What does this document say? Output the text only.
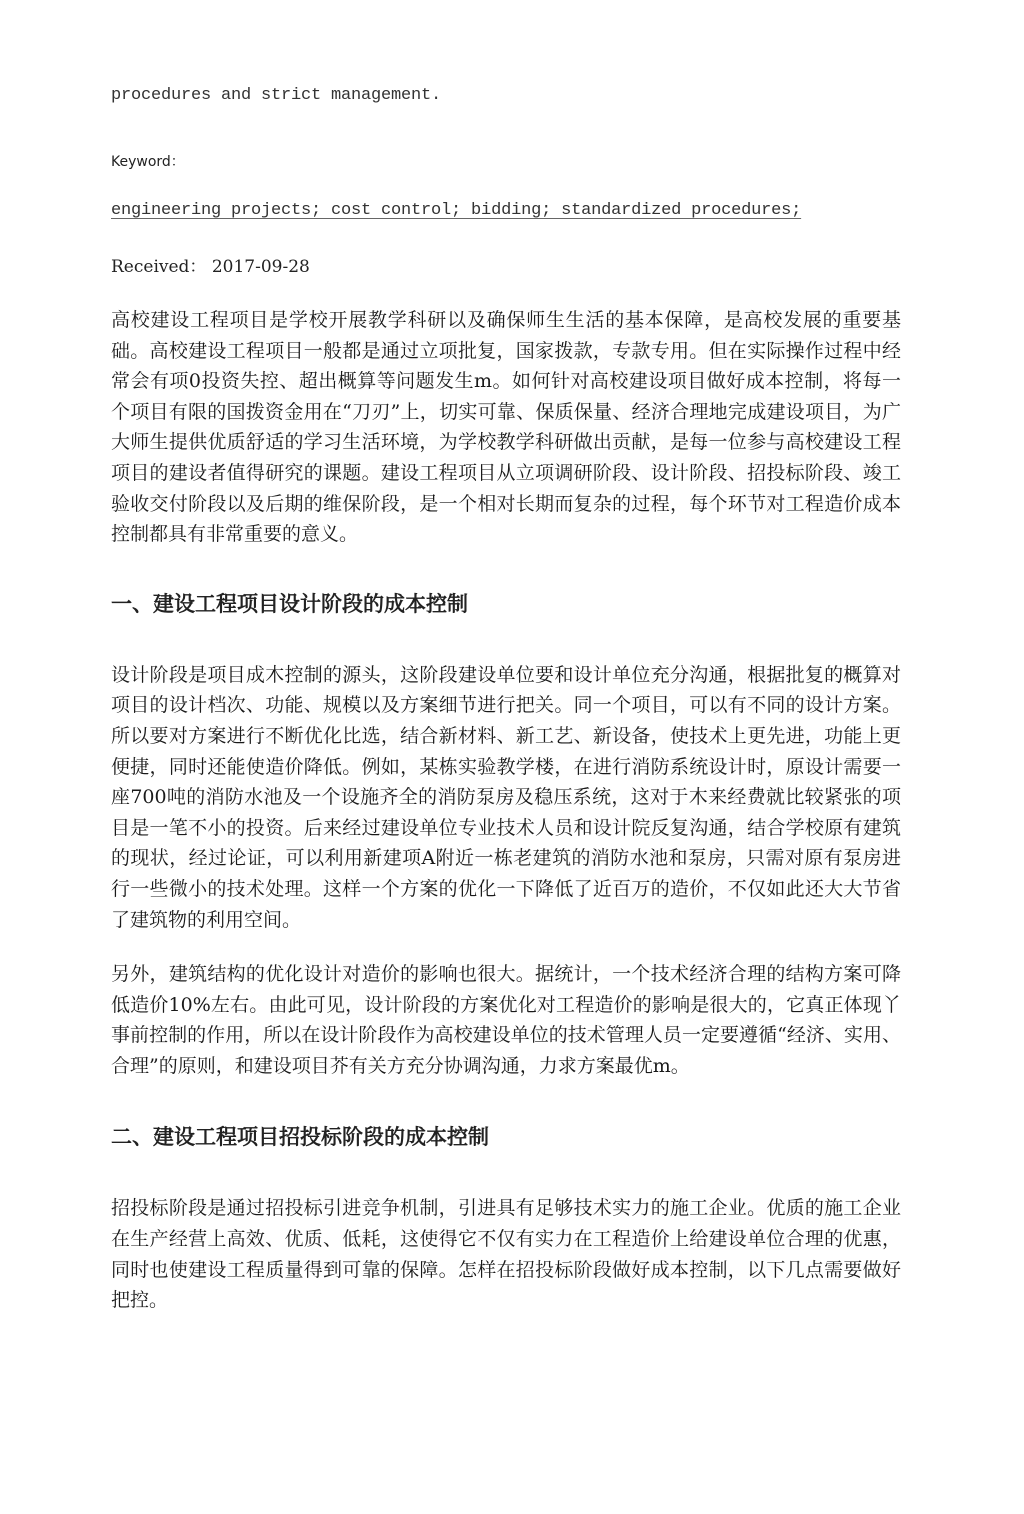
procedures and strict management.
Keyword：
engineering projects; cost control; bidding; standardized procedures;
Received： 2017-09-28

高校建设工程项目是学校开展教学科研以及确保师生生活的基本保障，是高校发展的重要基础。高校建设工程项目一般都是通过立项批复，国家拨款，专款专用。但在实际操作过程中经常会有项0投资失控、超出概算等问题发生m。如何针对高校建设项目做好成本控制，将每一个项目有限的国拨资金用在“刀刃”上，切实可靠、保质保量、经济合理地完成建设项目，为广大师生提供优质舒适的学习生活环境，为学校教学科研做出贡献，是每一位参与高校建设工程项目的建设者值得研究的课题。建设工程项目从立项调研阶段、设计阶段、招投标阶段、竣工验收交付阶段以及后期的维保阶段，是一个相对长期而复杂的过程，每个环节对工程造价成本控制都具有非常重要的意义。

一、建设工程项目设计阶段的成本控制

设计阶段是项目成木控制的源头，这阶段建设单位要和设计单位充分沟通，根据批复的概算对项目的设计档次、功能、规模以及方案细节进行把关。同一个项目，可以有不同的设计方案。所以要对方案进行不断优化比选，结合新材料、新工艺、新设备，使技术上更先进，功能上更便捷，同时还能使造价降低。例如，某栋实验教学楼，在进行消防系统设计时，原设计需要一座700吨的消防水池及一个设施齐全的消防泵房及稳压系统，这对于木来经费就比较紧张的项目是一笔不小的投资。后来经过建设单位专业技术人员和设计院反复沟通，结合学校原有建筑的现状，经过论证，可以利用新建项A附近一栋老建筑的消防水池和泵房，只需对原有泵房进行一些微小的技术处理。这样一个方案的优化一下降低了近百万的造价，不仅如此还大大节省了建筑物的利用空间。

另外，建筑结构的优化设计对造价的影响也很大。据统计，一个技术经济合理的结构方案可降低造价10%左右。由此可见，设计阶段的方案优化对工程造价的影响是很大的，它真正体现丫事前控制的作用，所以在设计阶段作为高校建设单位的技术管理人员一定要遵循“经济、实用、合理”的原则，和建设项目芥有关方充分协调沟通，力求方案最优m。

二、建设工程项目招投标阶段的成本控制

招投标阶段是通过招投标引进竞争机制，引进具有足够技术实力的施工企业。优质的施工企业在生产经营上高效、优质、低耗，这使得它不仅有实力在工程造价上给建设单位合理的优惠，同时也使建设工程质量得到可靠的保障。怎样在招投标阶段做好成本控制，以下几点需要做好把控。
